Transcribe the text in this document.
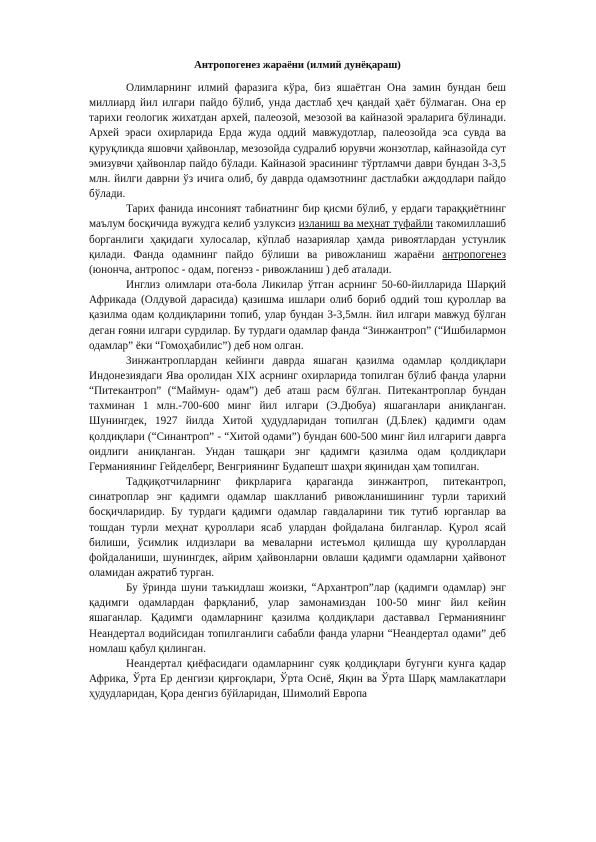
Антропогенез жараёни (илмий дунёқараш)

Олимларнинг илмий фаразига кўра, биз яшаётган Она замин бундан беш миллиард йил илгари пайдо бўлиб, унда дастлаб ҳеч қандай ҳаёт бўлмаган. Она ер тарихи геологик жихатдан архей, палеозой, мезозой ва кайназой эраларига бўлинади. Архей эраси охирларида Ерда жуда оддий мавжудотлар, палеозойда эса сувда ва қуруқликда яшовчи ҳайвонлар, мезозойда судралиб юрувчи жонзотлар, кайназойда сут эмизувчи ҳайвонлар пайдо бўлади. Кайназой эрасининг тўртламчи даври бундан 3-3,5 млн. йилги даврни ўз ичига олиб, бу даврда одамзотнинг дастлабки аждодлари пайдо бўлади.

Тарих фанида инсоният табиатнинг бир қисми бўлиб, у ердаги тараққиётнинг маълум босқичида вужудга келиб узлуксиз изланиш ва меҳнат туфайли такомиллашиб борганлиги ҳақидаги хулосалар, кўплаб назариялар ҳамда ривоятлардан устунлик қилади. Фанда одамнинг пайдо бўлиши ва ривожланиш жараёни антропогенез (юнонча, антропос - одам, погенэз - ривожланиш ) деб аталади.

Инглиз олимлари ота-бола Ликилар ўтган асрнинг 50-60-йилларида Шарқий Африкада (Олдувой дарасида) қазишма ишлари олиб бориб оддий тош қуроллар ва қазилма одам қолдиқларини топиб, улар бундан 3-3,5млн. йил илгари мавжуд бўлган деган ғояни илгари сурдилар. Бу турдаги одамлар фанда “Зинжантроп” (“Ишбилармон одамлар” ёки “Гомоҳабилис”) деб ном олган.

Зинжантроплардан кейинги даврда яшаган қазилма одамлар қолдиқлари Индонезиядаги Ява оролидан XIX асрнинг охирларида топилган бўлиб фанда уларни “Питекантроп” (“Маймун- одам”) деб аташ расм бўлган. Питекантроплар бундан тахминан 1 млн.-700-600 минг йил илгари (Э.Дюбуа) яшаганлари аниқланган. Шунингдек, 1927 йилда Хитой ҳудудларидан топилган (Д.Блек) қадимги одам қолдиқлари (“Синантроп” - “Хитой одами”) бундан 600-500 минг йил илгариги даврга оидлиги аниқланган. Ундан ташқари энг қадимги қазилма одам қолдиқлари Германиянинг Гейделберг, Венгриянинг Будапешт шаҳри яқинидан ҳам топилган.

Тадқиқотчиларнинг фикрларига қараганда зинжантроп, питекантроп, синатроплар энг қадимги одамлар шаклланиб ривожланишининг турли тарихий босқичларидир. Бу турдаги қадимги одамлар гавдаларини тик тутиб юрганлар ва тошдан турли меҳнат қуроллари ясаб улардан фойдалана билганлар. Қурол ясай билиши, ўсимлик илдизлари ва меваларни истеъмол қилишда шу қуроллардан фойдаланиши, шунингдек, айрим ҳайвонларни овлаши қадимги одамларни ҳайвонот оламидан ажратиб турган.

Бу ўринда шуни таъкидлаш жоизки, “Архантроп”лар (қадимги одамлар) энг қадимги одамлардан фарқланиб, улар замонамиздан 100-50 минг йил кейин яшаганлар. Қадимги одамларнинг қазилма қолдиқлари даставвал Германиянинг Неандертал водийсидан топилганлиги сабабли фанда уларни “Неандертал одами” деб номлаш қабул қилинган.

Неандертал қиёфасидаги одамларнинг суяк қолдиқлари бугунги кунга қадар Африка, Ўрта Ер денгизи қирғоқлари, Ўрта Осиё, Яқин ва Ўрта Шарқ мамлакатлари ҳудудларидан, Қора денгиз бўйларидан, Шимолий Европа
